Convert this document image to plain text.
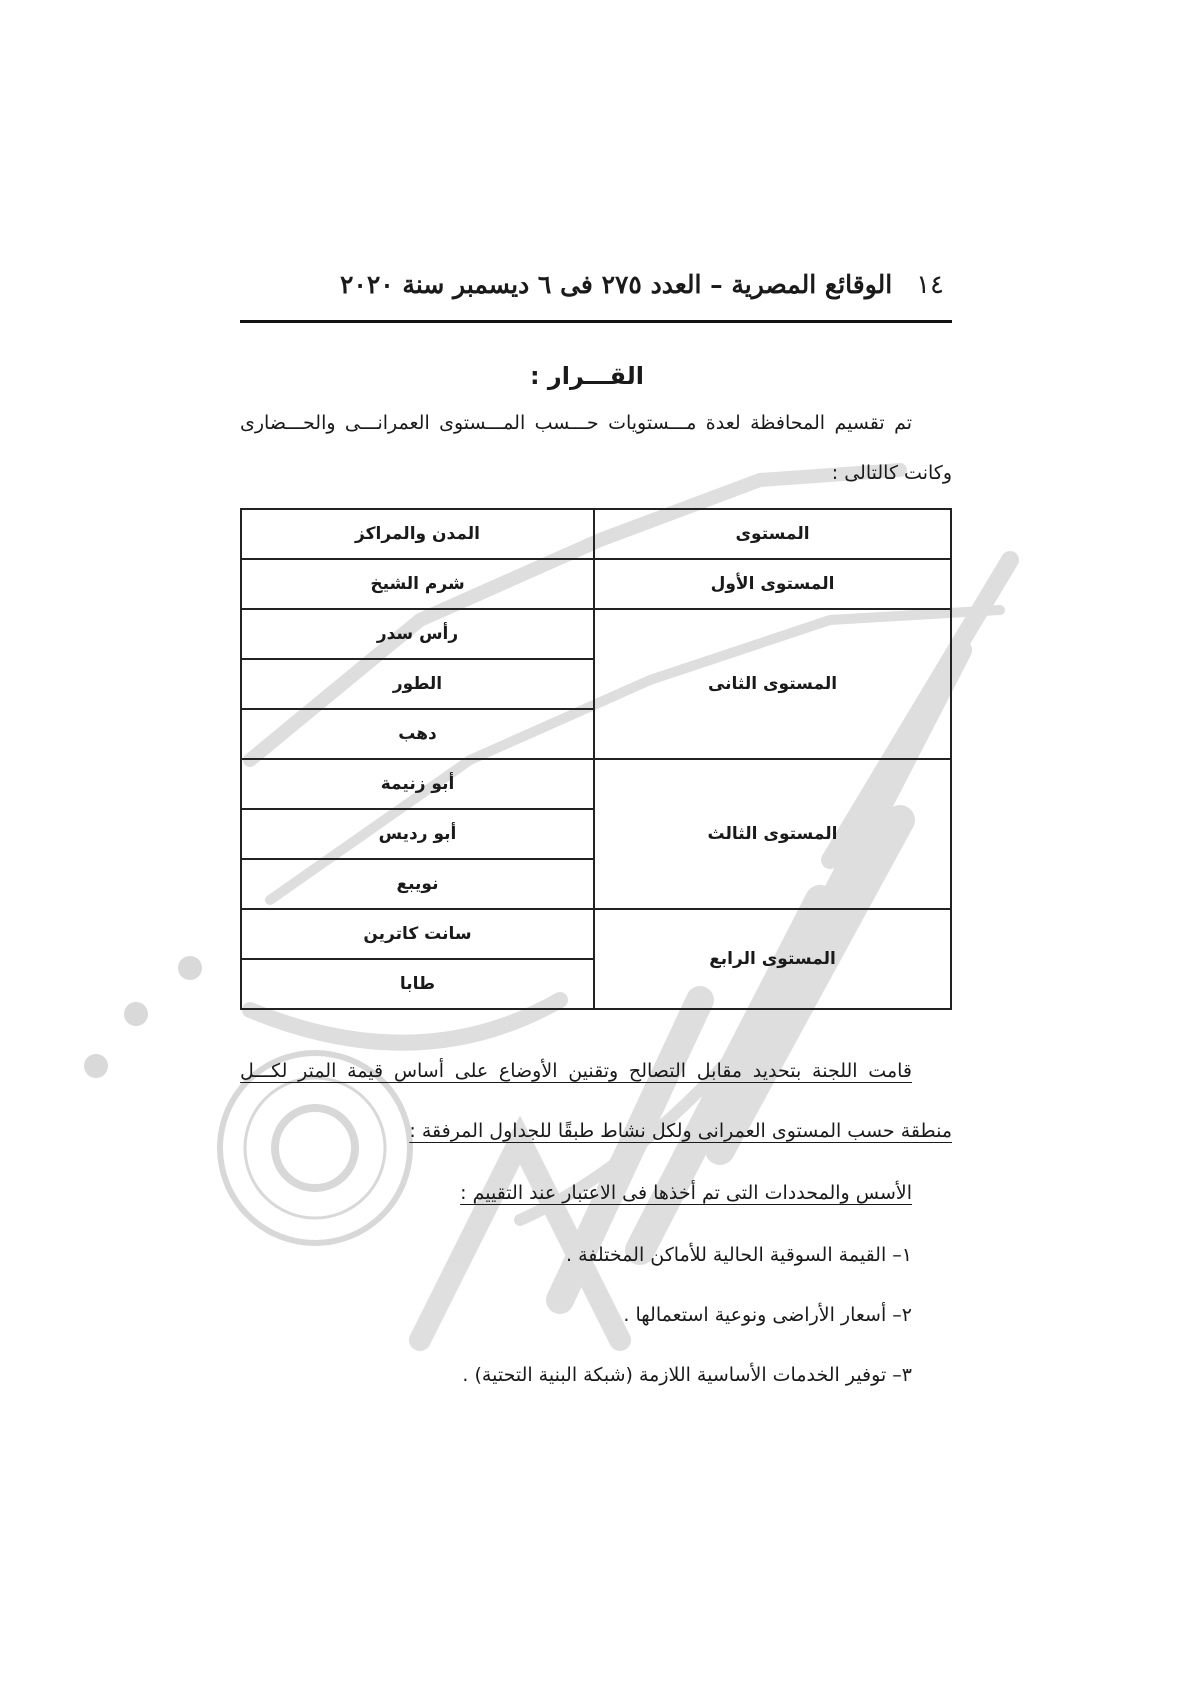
١٤
الوقائع المصرية – العدد ٢٧٥ فى ٦ ديسمبر سنة ٢٠٢٠
القـــرار :
تم تقسيم المحافظة لعدة مـــستويات حـــسب المـــستوى العمرانـــى والحـــضارى
وكانت كالتالى :
المستوى	المدن والمراكز
المستوى الأول	شرم الشيخ
المستوى الثانى	رأس سدر
	الطور
	دهب
المستوى الثالث	أبو زنيمة
	أبو رديس
	نويبع
المستوى الرابع	سانت كاترين
	طابا
قامت اللجنة بتحديد مقابل التصالح وتقنين الأوضاع على أساس قيمة المتر لكـــل
منطقة حسب المستوى العمرانى ولكل نشاط طبقًا للجداول المرفقة :
الأسس والمحددات التى تم أخذها فى الاعتبار عند التقييم :
١– القيمة السوقية الحالية للأماكن المختلفة .
٢– أسعار الأراضى ونوعية استعمالها .
٣– توفير الخدمات الأساسية اللازمة (شبكة البنية التحتية) .
